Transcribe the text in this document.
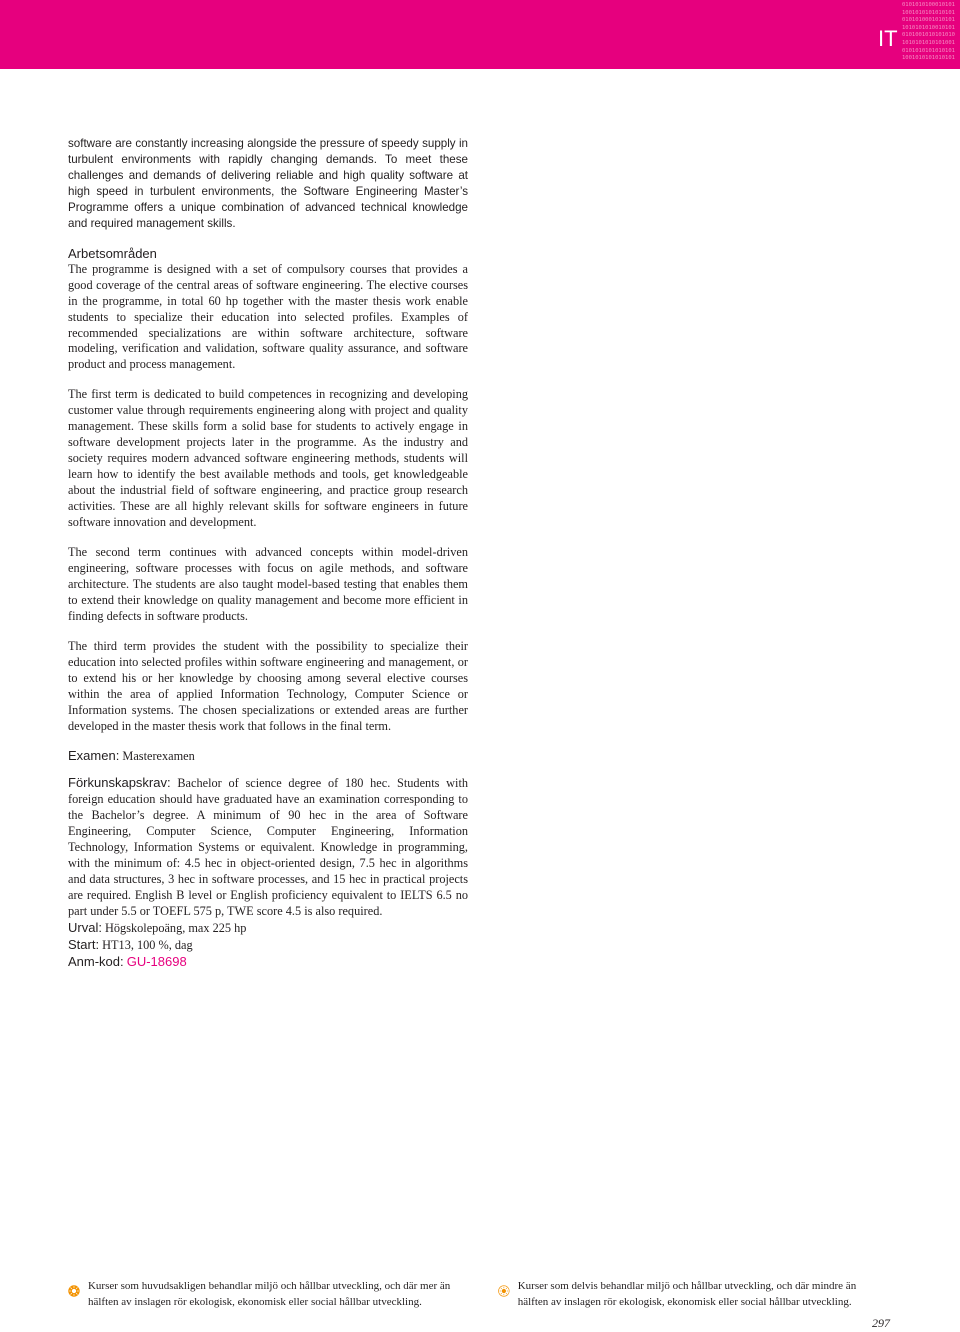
0101010100010101
1001010101010101
0101010001010101
1010101010010101
0101001010101010
1010101010101001
0101010101010101
1001010101010101
IT

software are constantly increasing alongside the pressure of speedy supply in turbulent environments with rapidly changing demands. To meet these challenges and demands of delivering reliable and high quality software at high speed in turbulent environments, the Software Engineering Master’s Programme offers a unique combination of advanced technical knowledge and required management skills.

Arbetsområden

The programme is designed with a set of compulsory courses that provides a good coverage of the central areas of software engineering. The elective courses in the programme, in total 60 hp together with the master thesis work enable students to specialize their education into selected profiles. Examples of recommended specializations are within software architecture, software modeling, verification and validation, software quality assurance, and software product and process management.

The first term is dedicated to build competences in recognizing and developing customer value through requirements engineering along with project and quality management. These skills form a solid base for students to actively engage in software development projects later in the programme. As the industry and society requires modern advanced software engineering methods, students will learn how to identify the best available methods and tools, get knowledgeable about the industrial field of software engineering, and practice group research activities. These are all highly relevant skills for software engineers in future software innovation and development.

The second term continues with advanced concepts within model-driven engineering, software processes with focus on agile methods, and software architecture. The students are also taught model-based testing that enables them to extend their knowledge on quality management and become more efficient in finding defects in software products.

The third term provides the student with the possibility to specialize their education into selected profiles within software engineering and management, or to extend his or her knowledge by choosing among several elective courses within the area of applied Information Technology, Computer Science or Information systems. The chosen specializations or extended areas are further developed in the master thesis work that follows in the final term.

Examen: Masterexamen
Förkunskapskrav: Bachelor of science degree of 180 hec. Students with foreign education should have graduated have an examination corresponding to the Bachelor’s degree. A minimum of 90 hec in the area of Software Engineering, Computer Science, Computer Engineering, Information Technology, Information Systems or equivalent. Knowledge in programming, with the minimum of: 4.5 hec in object-oriented design, 7.5 hec in algorithms and data structures, 3 hec in software processes, and 15 hec in practical projects are required. English B level or English proficiency equivalent to IELTS 6.5 no part under 5.5 or TOEFL 575 p, TWE score 4.5 is also required.
Urval: Högskolepoäng, max 225 hp
Start: HT13, 100 %, dag
Anm-kod: GU-18698
Kurser som huvudsakligen behandlar miljö och hållbar utveckling, och där mer än hälften av inslagen rör ekologisk, ekonomisk eller social hållbar utveckling.
Kurser som delvis behandlar miljö och hållbar utveckling, och där mindre än hälften av inslagen rör ekologisk, ekonomisk eller social hållbar utveckling.
297
